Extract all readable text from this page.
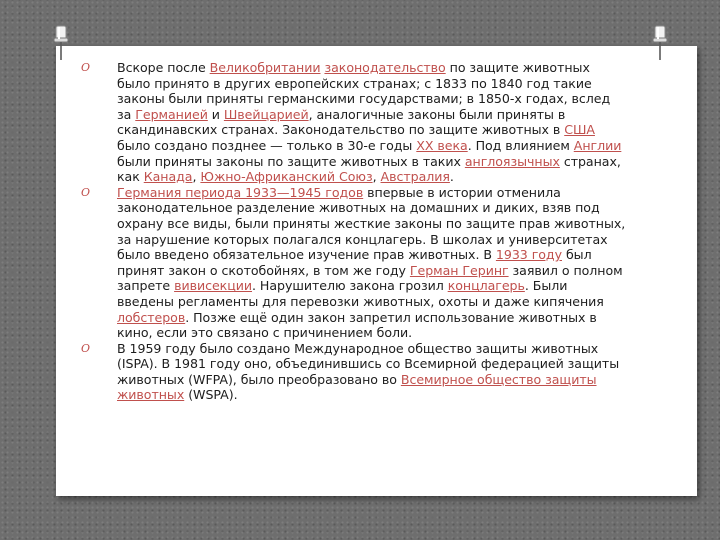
O Вскоре после Великобритании законодательство по защите животных было принято в других европейских странах; с 1833 по 1840 год такие законы были приняты германскими государствами; в 1850-х годах, вслед за Германией и Швейцарией, аналогичные законы были приняты в скандинавских странах. Законодательство по защите животных в США было создано позднее — только в 30-е годы XX века. Под влиянием Англии были приняты законы по защите животных в таких англоязычных странах, как Канада, Южно-Африканский Союз, Австралия.
O Германия периода 1933—1945 годов впервые в истории отменила законодательное разделение животных на домашних и диких, взяв под охрану все виды, были приняты жесткие законы по защите прав животных, за нарушение которых полагался концлагерь. В школах и университетах было введено обязательное изучение прав животных. В 1933 году был принят закон о скотобойнях, в том же году Герман Геринг заявил о полном запрете вивисекции. Нарушителю закона грозил концлагерь. Были введены регламенты для перевозки животных, охоты и даже кипячения лобстеров. Позже ещё один закон запретил использование животных в кино, если это связано с причинением боли.
O В 1959 году было создано Международное общество защиты животных (ISPA). В 1981 году оно, объединившись со Всемирной федерацией защиты животных (WFPA), было преобразовано во Всемирное общество защиты животных (WSPA).
